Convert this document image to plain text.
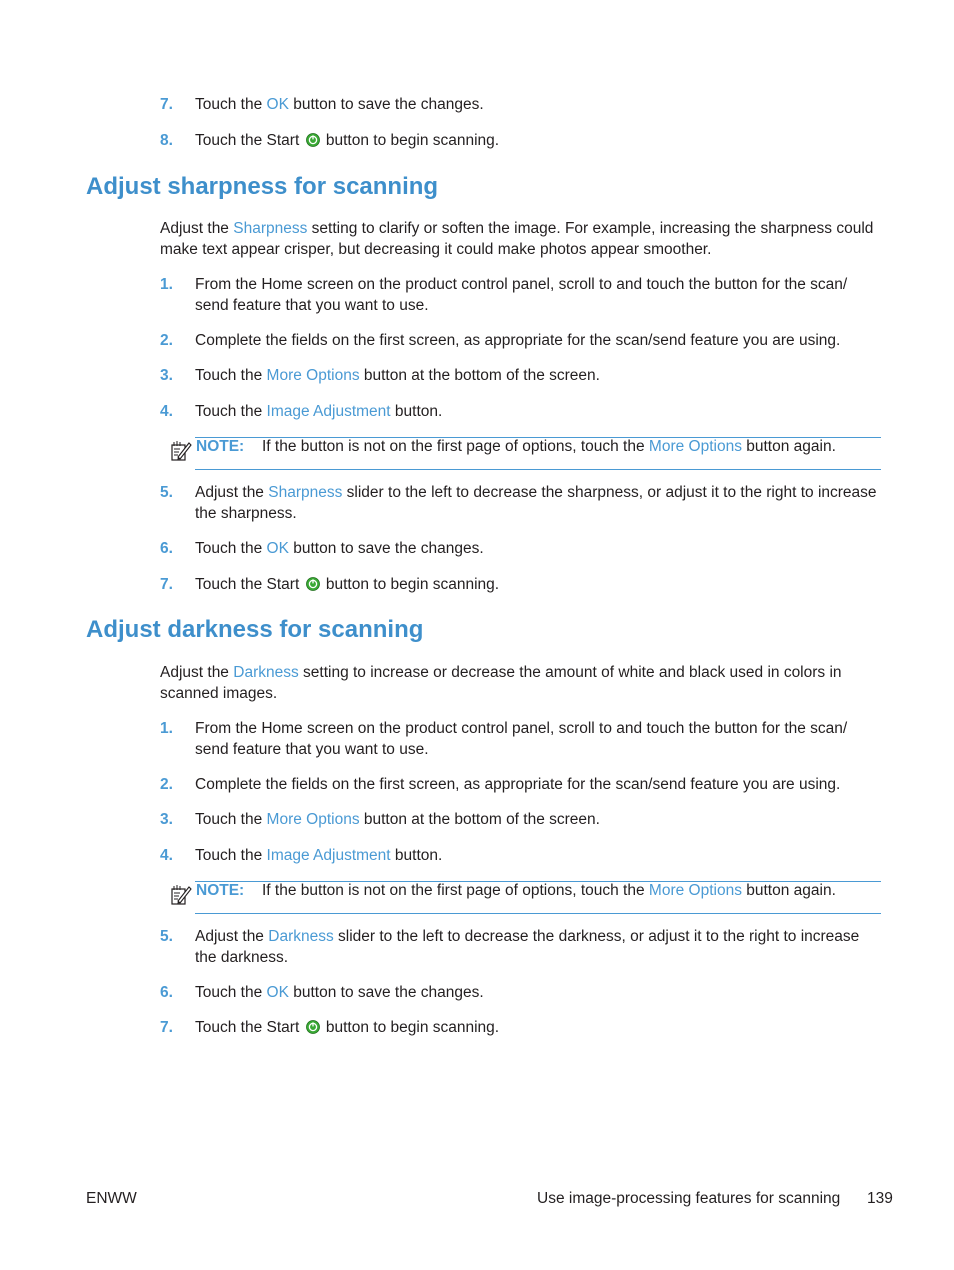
7. Touch the OK button to save the changes.
8. Touch the Start  button to begin scanning.
Adjust sharpness for scanning
Adjust the Sharpness setting to clarify or soften the image. For example, increasing the sharpness could make text appear crisper, but decreasing it could make photos appear smoother.
1. From the Home screen on the product control panel, scroll to and touch the button for the scan/ send feature that you want to use.
2. Complete the fields on the first screen, as appropriate for the scan/send feature you are using.
3. Touch the More Options button at the bottom of the screen.
4. Touch the Image Adjustment button.
NOTE: If the button is not on the first page of options, touch the More Options button again.
5. Adjust the Sharpness slider to the left to decrease the sharpness, or adjust it to the right to increase the sharpness.
6. Touch the OK button to save the changes.
7. Touch the Start  button to begin scanning.
Adjust darkness for scanning
Adjust the Darkness setting to increase or decrease the amount of white and black used in colors in scanned images.
1. From the Home screen on the product control panel, scroll to and touch the button for the scan/ send feature that you want to use.
2. Complete the fields on the first screen, as appropriate for the scan/send feature you are using.
3. Touch the More Options button at the bottom of the screen.
4. Touch the Image Adjustment button.
NOTE: If the button is not on the first page of options, touch the More Options button again.
5. Adjust the Darkness slider to the left to decrease the darkness, or adjust it to the right to increase the darkness.
6. Touch the OK button to save the changes.
7. Touch the Start  button to begin scanning.
ENWW	Use image-processing features for scanning 139
